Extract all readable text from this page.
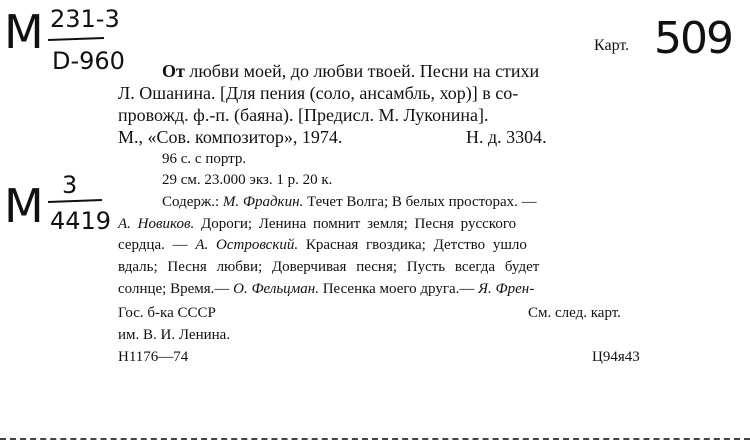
М 231-3
D-960	509
Карт.
От любви моей, до любви твоей. Песни на стихи
Л. Ошанина. [Для пения (соло, ансамбль, хор)] в со-
провожд. ф.-п. (баяна). [Предисл. М. Луконина].
М., «Сов. композитор», 1974.	Н. д. 3304.
96 с. с портр.
29 см. 23.000 экз. 1 р. 20 к.
М 3
4419
Содерж.: М. Фрадкин. Течет Волга; В белых просторах. —
А. Новиков. Дороги; Ленина помнит земля; Песня русского
сердца. — А. Островский. Красная гвоздика; Детство ушло
вдаль; Песня любви; Доверчивая песня; Пусть всегда будет
солнце; Время.— О. Фельцман. Песенка моего друга.— Я. Френ-
Гос. б-ка СССР	См. след. карт.
им. В. И. Ленина.
Н1176—74	Ц94я43
